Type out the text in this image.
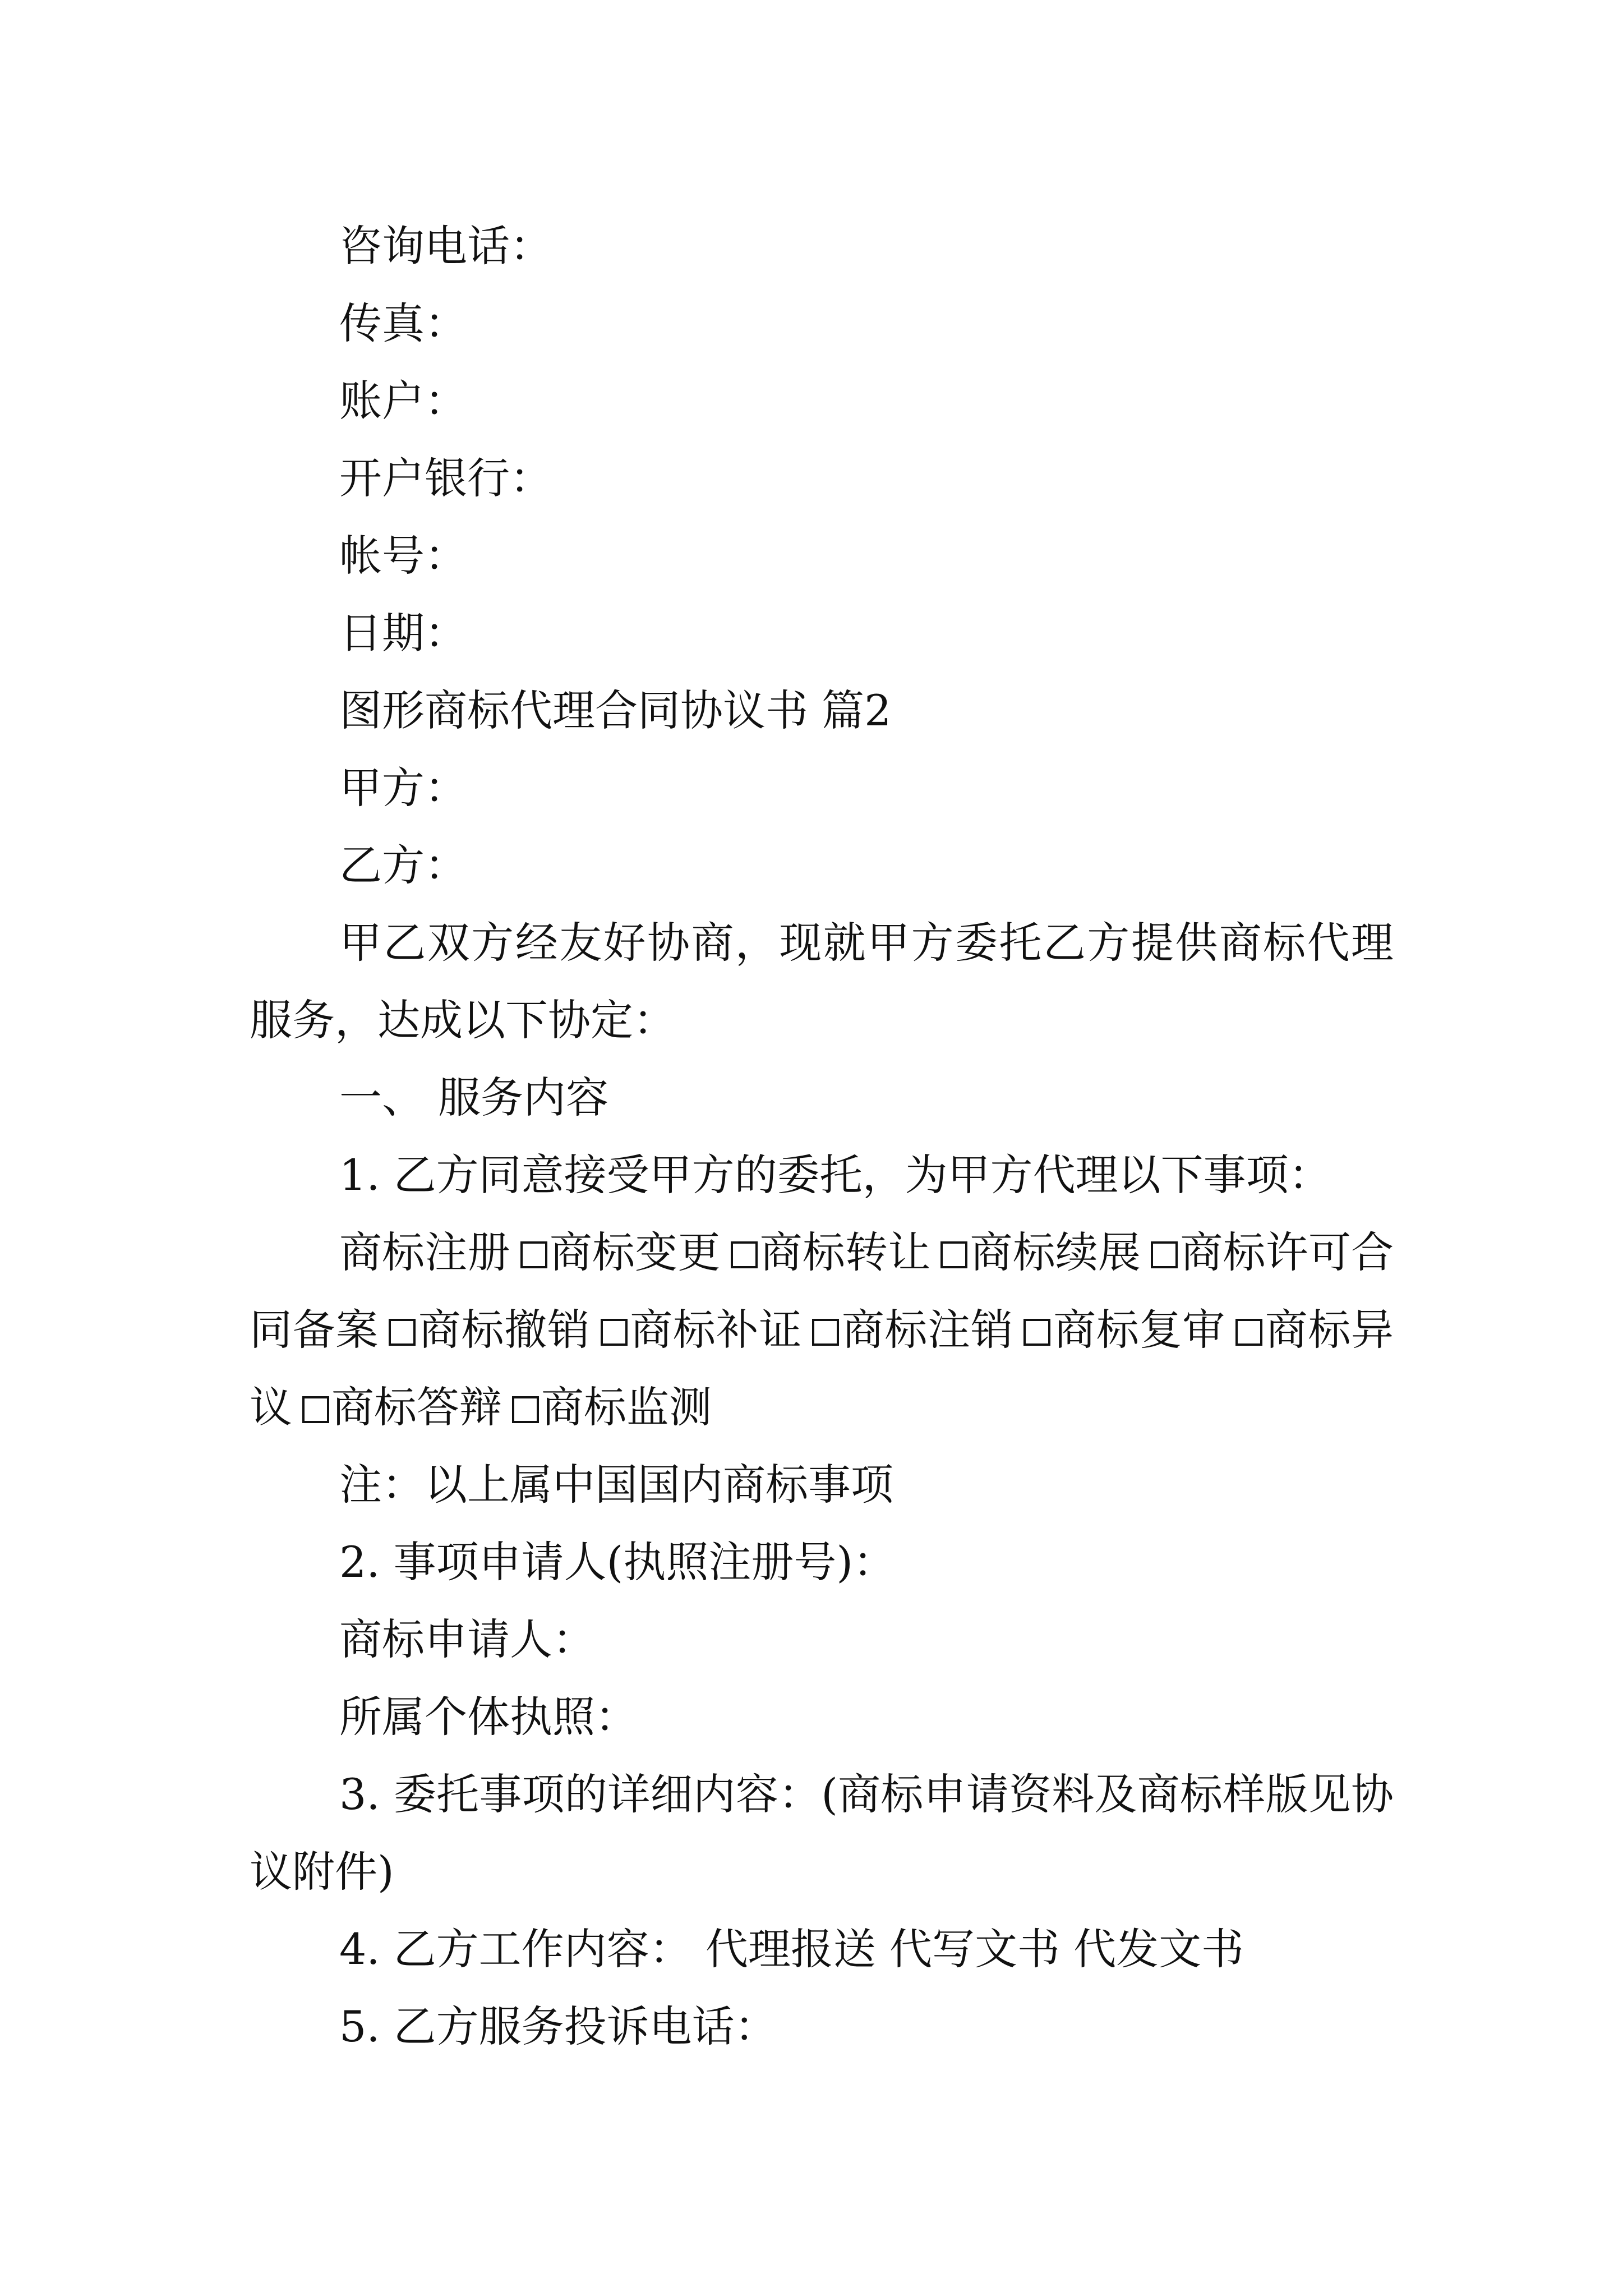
咨询电话：

传真：

账户：

开户银行：

帐号：

日期：

图形商标代理合同协议书 篇2

甲方：

乙方：

甲乙双方经友好协商，现就甲方委托乙方提供商标代理服务，达成以下协定：

一、 服务内容

1. 乙方同意接受甲方的委托，为甲方代理以下事项：

商标注册 商标变更 商标转让 商标续展 商标许可合同备案 商标撤销 商标补证 商标注销 商标复审 商标异议 商标答辩 商标监测

注：以上属中国国内商标事项

2. 事项申请人(执照注册号)：

商标申请人：

所属个体执照：

3. 委托事项的详细内容：(商标申请资料及商标样版见协议附件)

4. 乙方工作内容： 代理报送 代写文书 代发文书

5. 乙方服务投诉电话：
